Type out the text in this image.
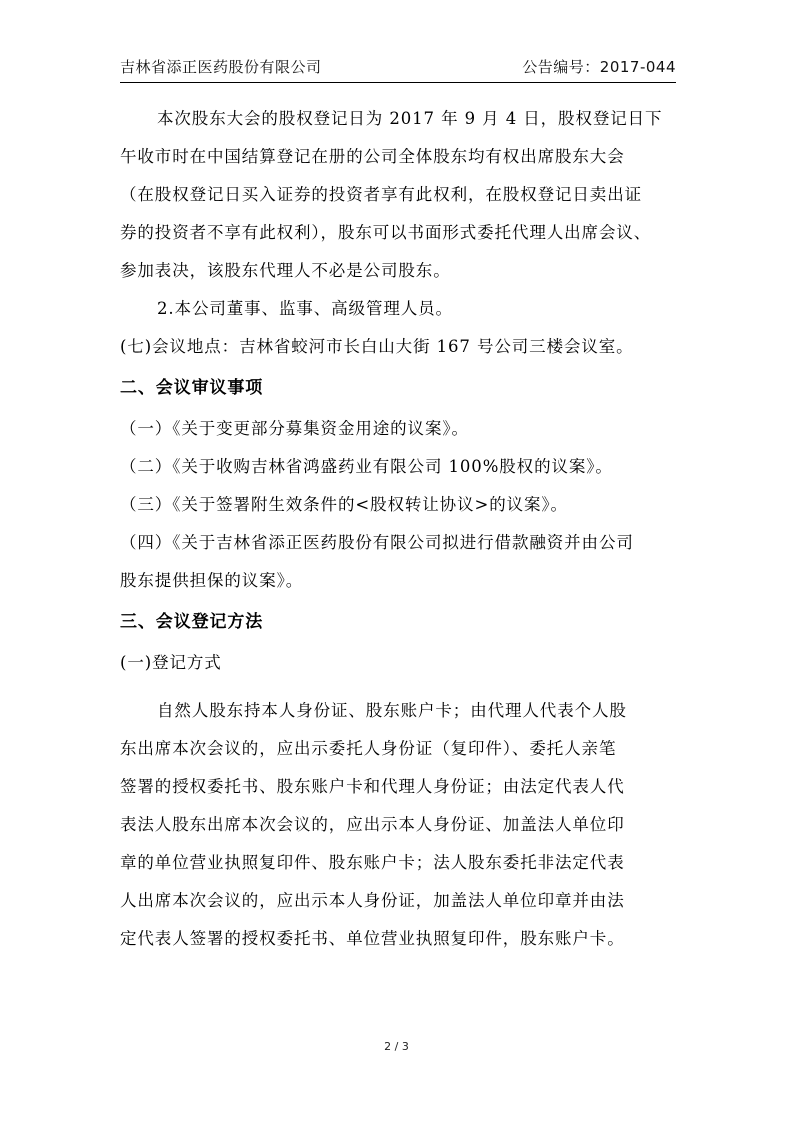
吉林省添正医药股份有限公司	公告编号：2017-044

本次股东大会的股权登记日为 2017 年 9 月 4 日，股权登记日下

午收市时在中国结算登记在册的公司全体股东均有权出席股东大会

（在股权登记日买入证券的投资者享有此权利，在股权登记日卖出证

券的投资者不享有此权利），股东可以书面形式委托代理人出席会议、

参加表决，该股东代理人不必是公司股东。

2.本公司董事、监事、高级管理人员。

(七)会议地点：吉林省蛟河市长白山大街 167 号公司三楼会议室。

二、会议审议事项

（一）《关于变更部分募集资金用途的议案》。

（二）《关于收购吉林省鸿盛药业有限公司 100%股权的议案》。

（三）《关于签署附生效条件的<股权转让协议>的议案》。

（四）《关于吉林省添正医药股份有限公司拟进行借款融资并由公司

股东提供担保的议案》。

三、会议登记方法

(一)登记方式

自然人股东持本人身份证、股东账户卡；由代理人代表个人股

东出席本次会议的，应出示委托人身份证（复印件）、委托人亲笔

签署的授权委托书、股东账户卡和代理人身份证；由法定代表人代

表法人股东出席本次会议的，应出示本人身份证、加盖法人单位印

章的单位营业执照复印件、股东账户卡；法人股东委托非法定代表

人出席本次会议的，应出示本人身份证，加盖法人单位印章并由法

定代表人签署的授权委托书、单位营业执照复印件，股东账户卡。

2 / 3
